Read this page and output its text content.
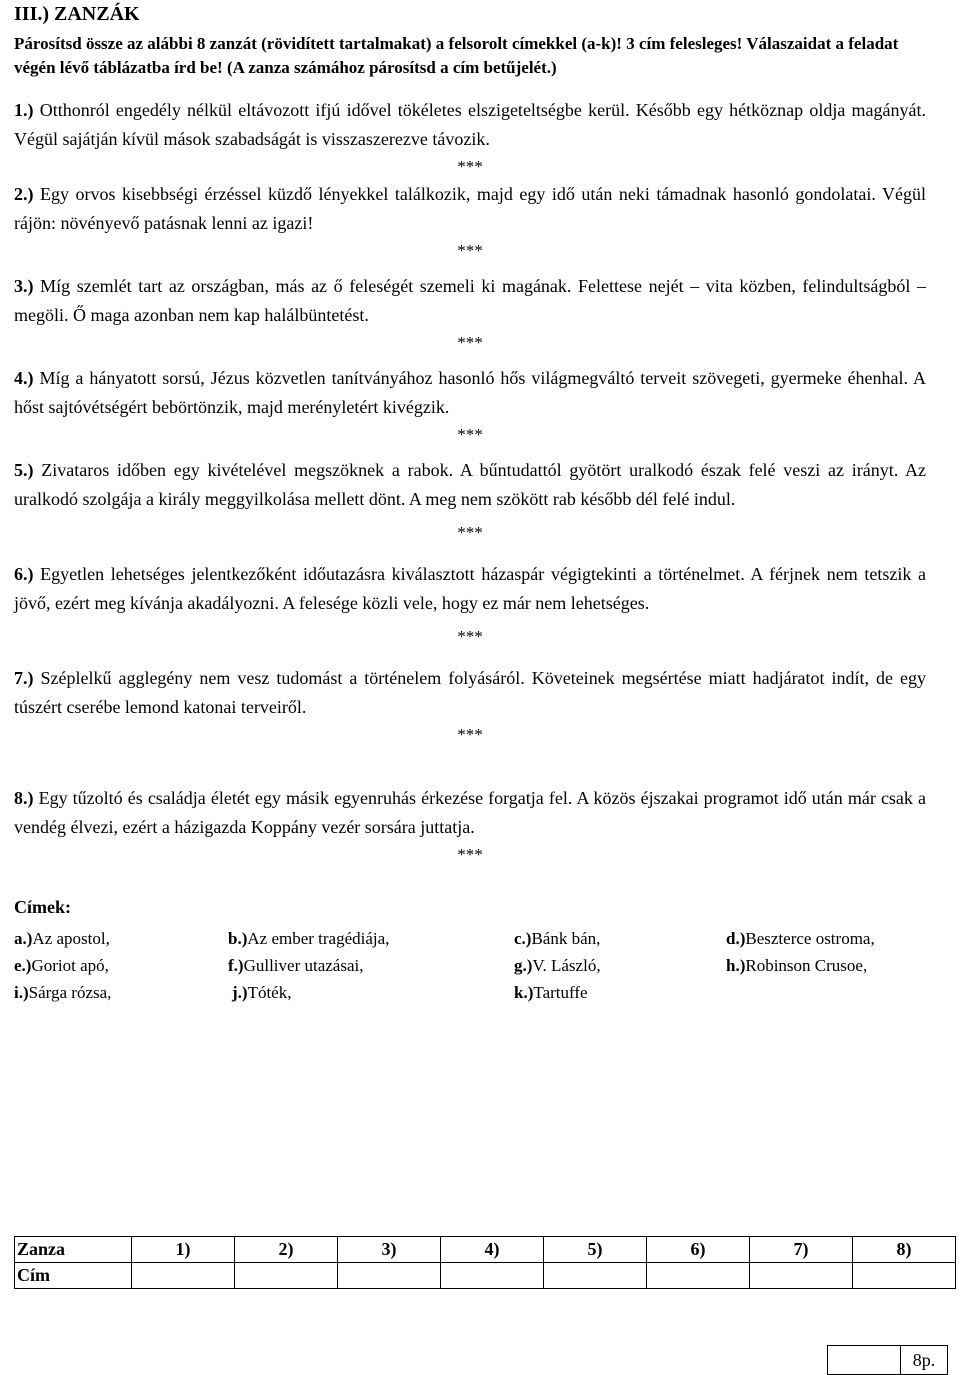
III.) ZANZÁK
Párosítsd össze az alábbi 8 zanzát (rövidített tartalmakat) a felsorolt címekkel (a-k)! 3 cím felesleges! Válaszaidat a feladat végén lévő táblázatba írd be! (A zanza számához párosítsd a cím betűjelét.)
1.) Otthonról engedély nélkül eltávozott ifjú idővel tökéletes elszigeteltségbe kerül. Később egy hétköznap oldja magányát. Végül sajátján kívül mások szabadságát is visszaszerezve távozik.
***
2.) Egy orvos kisebbségi érzéssel küzdő lényekkel találkozik, majd egy idő után neki támadnak hasonló gondolatai. Végül rájön: növényevő patásnak lenni az igazi!
***
3.) Míg szemlét tart az országban, más az ő feleségét szemeli ki magának. Felettese nejét – vita közben, felindultságból – megöli. Ő maga azonban nem kap halálbüntetést.
***
4.) Míg a hányatott sorsú, Jézus közvetlen tanítványához hasonló hős világmegváltó terveit szövegeti, gyermeke éhenhal. A hőst sajtóvétségért bebörtönzik, majd merényletért kivégzik.
***
5.) Zivataros időben egy kivételével megszöknek a rabok. A bűntudattól gyötört uralkodó észak felé veszi az irányt. Az uralkodó szolgája a király meggyilkolása mellett dönt. A meg nem szökött rab később dél felé indul.
***
6.) Egyetlen lehetséges jelentkezőként időutazásra kiválasztott házaspár végigtekinti a történelmet. A férjnek nem tetszik a jövő, ezért meg kívánja akadályozni. A felesége közli vele, hogy ez már nem lehetséges.
***
7.) Széplelkű agglegény nem vesz tudomást a történelem folyásáról. Követeinek megsértése miatt hadjáratot indít, de egy túszért cserébe lemond katonai terveiről.
***
8.) Egy tűzoltó és családja életét egy másik egyenruhás érkezése forgatja fel. A közös éjszakai programot idő után már csak a vendég élvezi, ezért a házigazda Koppány vezér sorsára juttatja.
***
Címek:
a.)Az apostol,	b.)Az ember tragédiája,	c.)Bánk bán,	d.)Beszterce ostroma,
e.)Goriot apó,	f.)Gulliver utazásai,	g.)V. László,	h.)Robinson Crusoe,
i.)Sárga rózsa,	j.)Tóték,	k.)Tartuffe
Zanza	1)	2)	3)	4)	5)	6)	7)	8)
Cím								
	8p.
